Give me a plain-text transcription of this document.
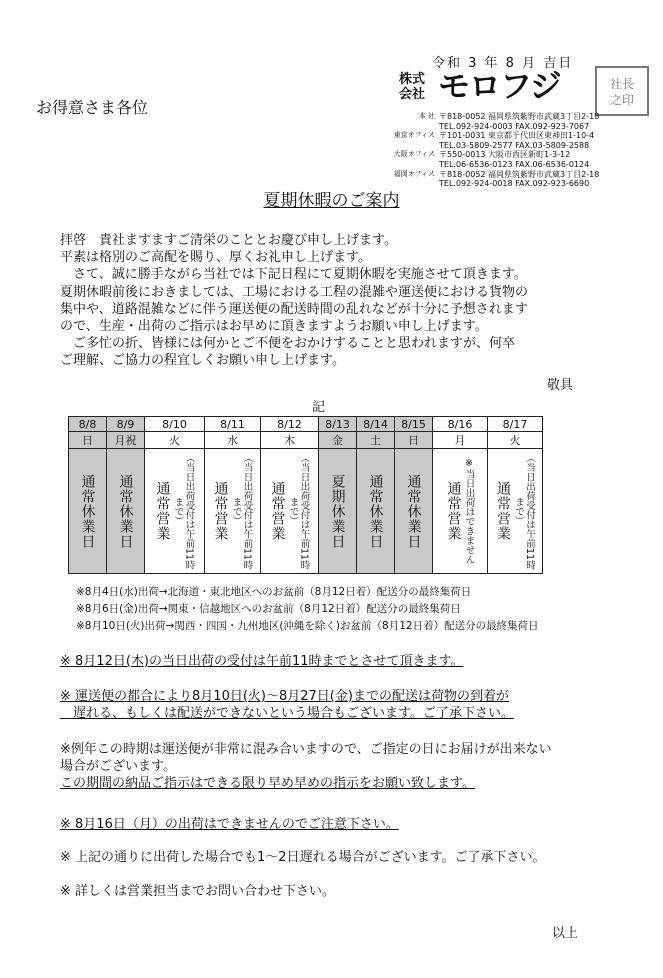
令和 3 年 8 月 吉日
お得意さま各位
株式
会社 モロフジ	社長
之印
本 社 〒818-0052 福岡県筑紫野市武蔵3丁目2-18
TEL.092-924-0003 FAX.092-923-7067
東京オフィス 〒101-0031 東京都千代田区東神田1-10-4
TEL.03-5809-2577 FAX.03-5809-2588
大阪オフィス 〒550-0013 大阪市西区新町1-3-12
TEL.06-6536-0123 FAX.06-6536-0124
福岡オフィス 〒818-0052 福岡県筑紫野市武蔵3丁目2-18
TEL.092-924-0018 FAX.092-923-6690
夏期休暇のご案内
拝啓　貴社ますますご清栄のこととお慶び申し上げます。
平素は格別のご高配を賜り、厚くお礼申し上げます。
　さて、誠に勝手ながら当社では下記日程にて夏期休暇を実施させて頂きます。
夏期休暇前後におきましては、工場における工程の混雑や運送便における貨物の
集中や、道路混雑などに伴う運送便の配送時間の乱れなどが十分に予想されます
ので、生産・出荷のご指示はお早めに頂きますようお願い申し上げます。
　ご多忙の折、皆様には何かとご不便をおかけすることと思われますが、何卒
ご理解、ご協力の程宜しくお願い申し上げます。
敬具
記
8/8	8/9	8/10	8/11	8/12	8/13	8/14	8/15	8/16	8/17
日	月祝	火	水	木	金	土	日	月	火

通常休業日	通常休業日	通常営業 （当日出荷受付は午前11時まで）	通常営業 （当日出荷受付は午前11時まで）	通常営業 （当日出荷受付は午前11時まで）	夏期休業日	通常休業日	通常休業日	通常営業 ※当日出荷はできません	通常営業 （当日出荷受付は午前11時まで）
※8月4日(水)出荷→北海道・東北地区へのお盆前（8月12日着）配送分の最終集荷日
※8月6日(金)出荷→関東・信越地区へのお盆前（8月12日着）配送分の最終集荷日
※8月10日(火)出荷→関西・四国・九州地区(沖縄を除く)お盆前（8月12日着）配送分の最終集荷日
※ 8月12日(木)の当日出荷の受付は午前11時までとさせて頂きます。
※ 運送便の都合により8月10日(火)～8月27日(金)までの配送は荷物の到着が
　遅れる、もしくは配送ができないという場合もございます。ご了承下さい。
※例年この時期は運送便が非常に混み合いますので、ご指定の日にお届けが出来ない
場合がございます。
この期間の納品ご指示はできる限り早め早めの指示をお願い致します。
※ 8月16日（月）の出荷はできませんのでご注意下さい。
※ 上記の通りに出荷した場合でも1～2日遅れる場合がございます。ご了承下さい。
※ 詳しくは営業担当までお問い合わせ下さい。
以上
